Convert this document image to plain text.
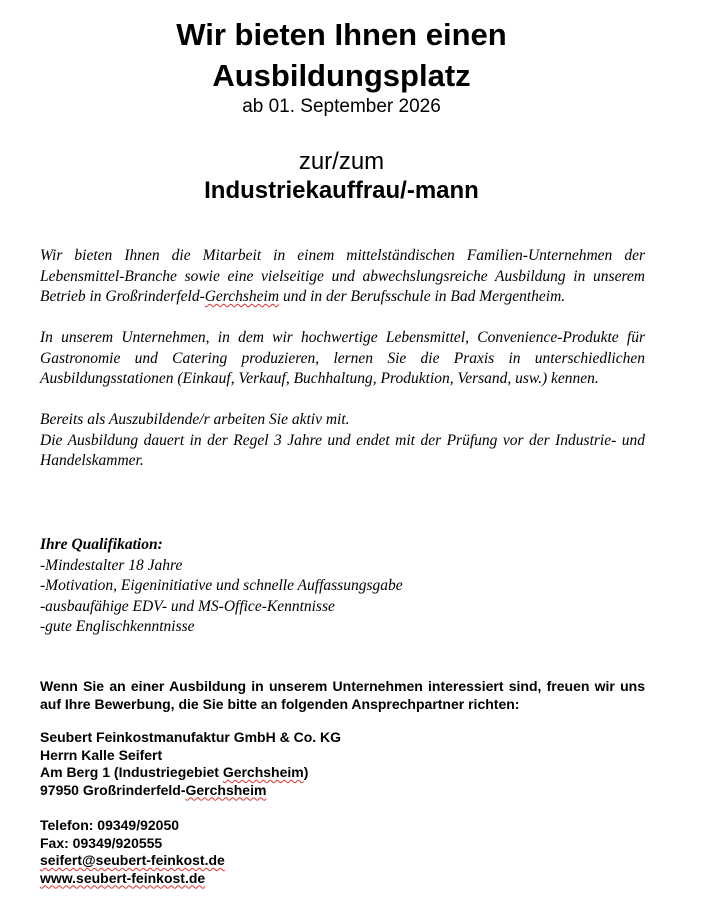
Wir bieten Ihnen einen

Ausbildungsplatz

ab 01. September 2026

zur/zum

Industriekauffrau/-mann

Wir bieten Ihnen die Mitarbeit in einem mittelständischen Familien-Unternehmen der Lebensmittel-Branche sowie eine vielseitige und abwechslungsreiche Ausbildung in unserem Betrieb in Großrinderfeld-Gerchsheim und in der Berufsschule in Bad Mergentheim.

In unserem Unternehmen, in dem wir hochwertige Lebensmittel, Convenience-Produkte für Gastronomie und Catering produzieren, lernen Sie die Praxis in unterschiedlichen Ausbildungsstationen (Einkauf, Verkauf, Buchhaltung, Produktion, Versand, usw.) kennen.

Bereits als Auszubildende/r arbeiten Sie aktiv mit.

Die Ausbildung dauert in der Regel 3 Jahre und endet mit der Prüfung vor der Industrie- und Handelskammer.

Ihre Qualifikation:

-Mindestalter 18 Jahre

-Motivation, Eigeninitiative und schnelle Auffassungsgabe

-ausbaufähige EDV- und MS-Office-Kenntnisse

-gute Englischkenntnisse

Wenn Sie an einer Ausbildung in unserem Unternehmen interessiert sind, freuen wir uns auf Ihre Bewerbung, die Sie bitte an folgenden Ansprechpartner richten:

Seubert Feinkostmanufaktur GmbH & Co. KG

Herrn Kalle Seifert

Am Berg 1 (Industriegebiet Gerchsheim)

97950 Großrinderfeld-Gerchsheim

Telefon: 09349/92050

Fax: 09349/920555

seifert@seubert-feinkost.de

www.seubert-feinkost.de
